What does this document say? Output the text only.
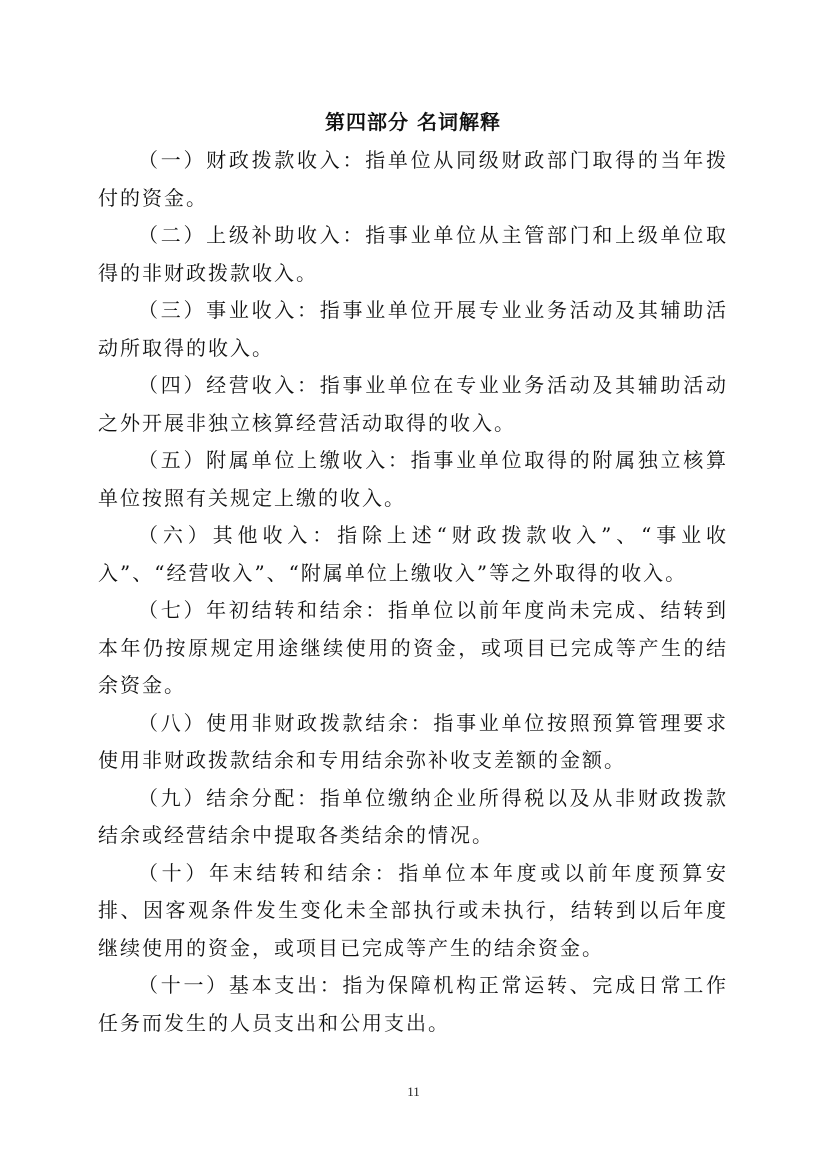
第四部分 名词解释

（一）财政拨款收入：指单位从同级财政部门取得的当年拨付的资金。

（二）上级补助收入：指事业单位从主管部门和上级单位取得的非财政拨款收入。

（三）事业收入：指事业单位开展专业业务活动及其辅助活动所取得的收入。

（四）经营收入：指事业单位在专业业务活动及其辅助活动之外开展非独立核算经营活动取得的收入。

（五）附属单位上缴收入：指事业单位取得的附属独立核算单位按照有关规定上缴的收入。

（六）其他收入：指除上述“财政拨款收入”、“事业收入”、“经营收入”、“附属单位上缴收入”等之外取得的收入。

（七）年初结转和结余：指单位以前年度尚未完成、结转到本年仍按原规定用途继续使用的资金，或项目已完成等产生的结余资金。

（八）使用非财政拨款结余：指事业单位按照预算管理要求使用非财政拨款结余和专用结余弥补收支差额的金额。

（九）结余分配：指单位缴纳企业所得税以及从非财政拨款结余或经营结余中提取各类结余的情况。

（十）年末结转和结余：指单位本年度或以前年度预算安排、因客观条件发生变化未全部执行或未执行，结转到以后年度继续使用的资金，或项目已完成等产生的结余资金。

（十一）基本支出：指为保障机构正常运转、完成日常工作任务而发生的人员支出和公用支出。

11
